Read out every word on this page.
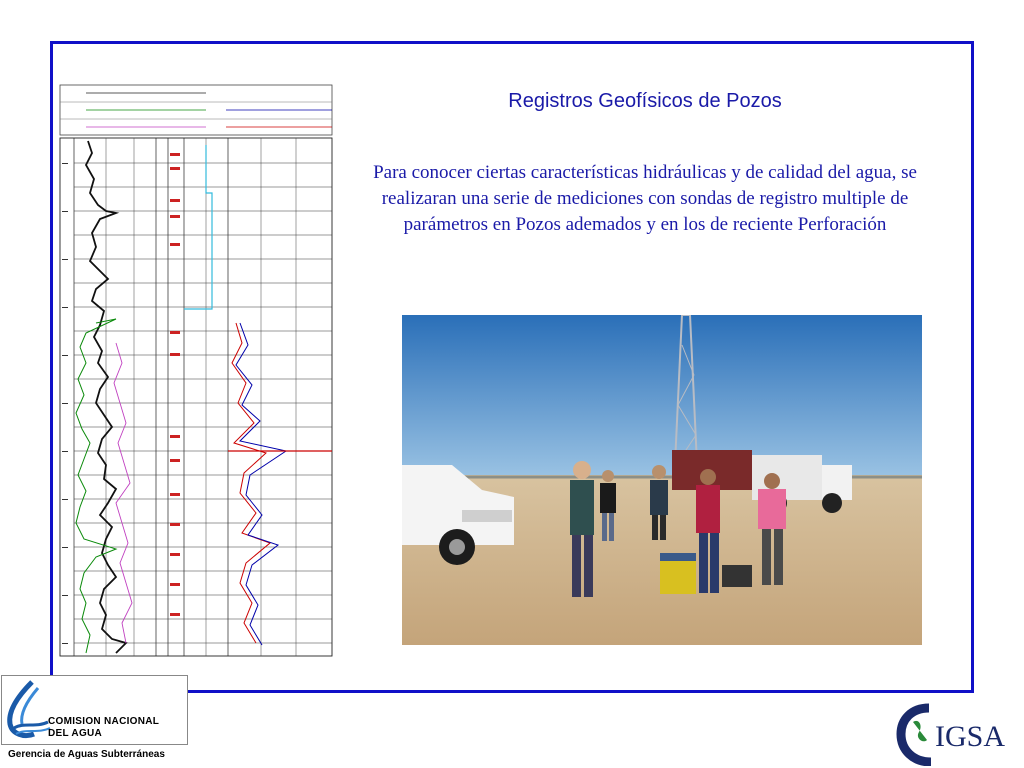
Registros Geofísicos de Pozos
Para conocer ciertas características hidráulicas y de calidad del agua, se realizaran una serie de mediciones con sondas de registro multiple de parámetros en Pozos ademados y en los de reciente Perforación
COMISION NACIONAL
DEL AGUA
Gerencia de Aguas Subterráneas
IGSA
